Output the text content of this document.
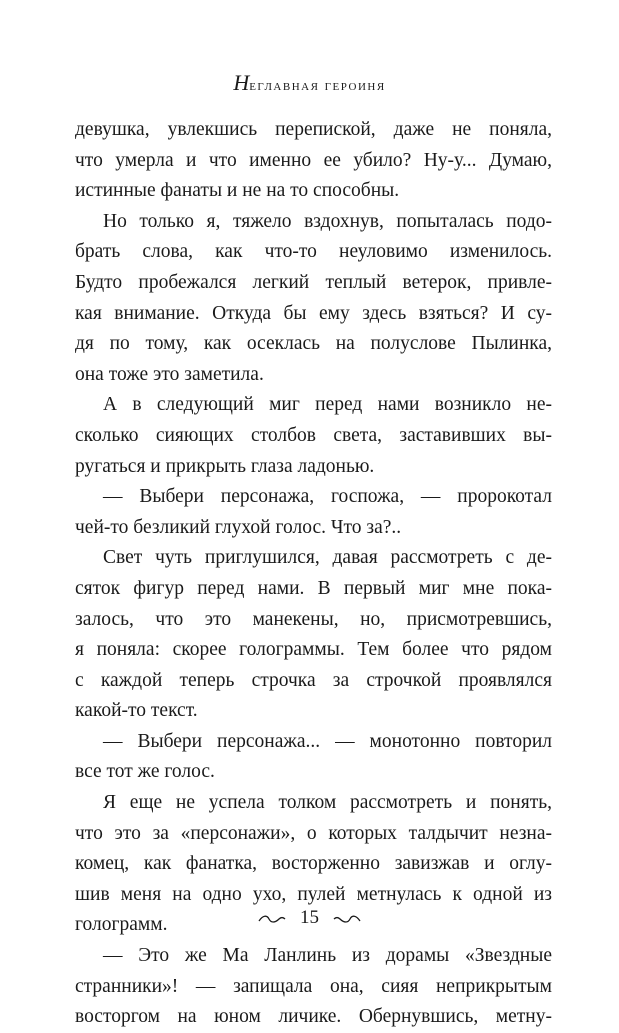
Неглавная героиня
девушка, увлекшись перепиской, даже не поняла,
что умерла и что именно ее убило? Ну-у... Думаю,
истинные фанаты и не на то способны.
Но только я, тяжело вздохнув, попыталась подо-
брать слова, как что-то неуловимо изменилось.
Будто пробежался легкий теплый ветерок, привле-
кая внимание. Откуда бы ему здесь взяться? И су-
дя по тому, как осеклась на полуслове Пылинка,
она тоже это заметила.
А в следующий миг перед нами возникло не-
сколько сияющих столбов света, заставивших вы-
ругаться и прикрыть глаза ладонью.
— Выбери персонажа, госпожа, — пророкотал
чей-то безликий глухой голос. Что за?..
Свет чуть приглушился, давая рассмотреть с де-
сяток фигур перед нами. В первый миг мне пока-
залось, что это манекены, но, присмотревшись,
я поняла: скорее голограммы. Тем более что рядом
с каждой теперь строчка за строчкой проявлялся
какой-то текст.
— Выбери персонажа... — монотонно повторил
все тот же голос.
Я еще не успела толком рассмотреть и понять,
что это за «персонажи», о которых талдычит незна-
комец, как фанатка, восторженно завизжав и оглу-
шив меня на одно ухо, пулей метнулась к одной из
голограмм.
— Это же Ма Ланлинь из дорамы «Звездные
странники»! — запищала она, сияя неприкрытым
восторгом на юном личике. Обернувшись, метну-
15
